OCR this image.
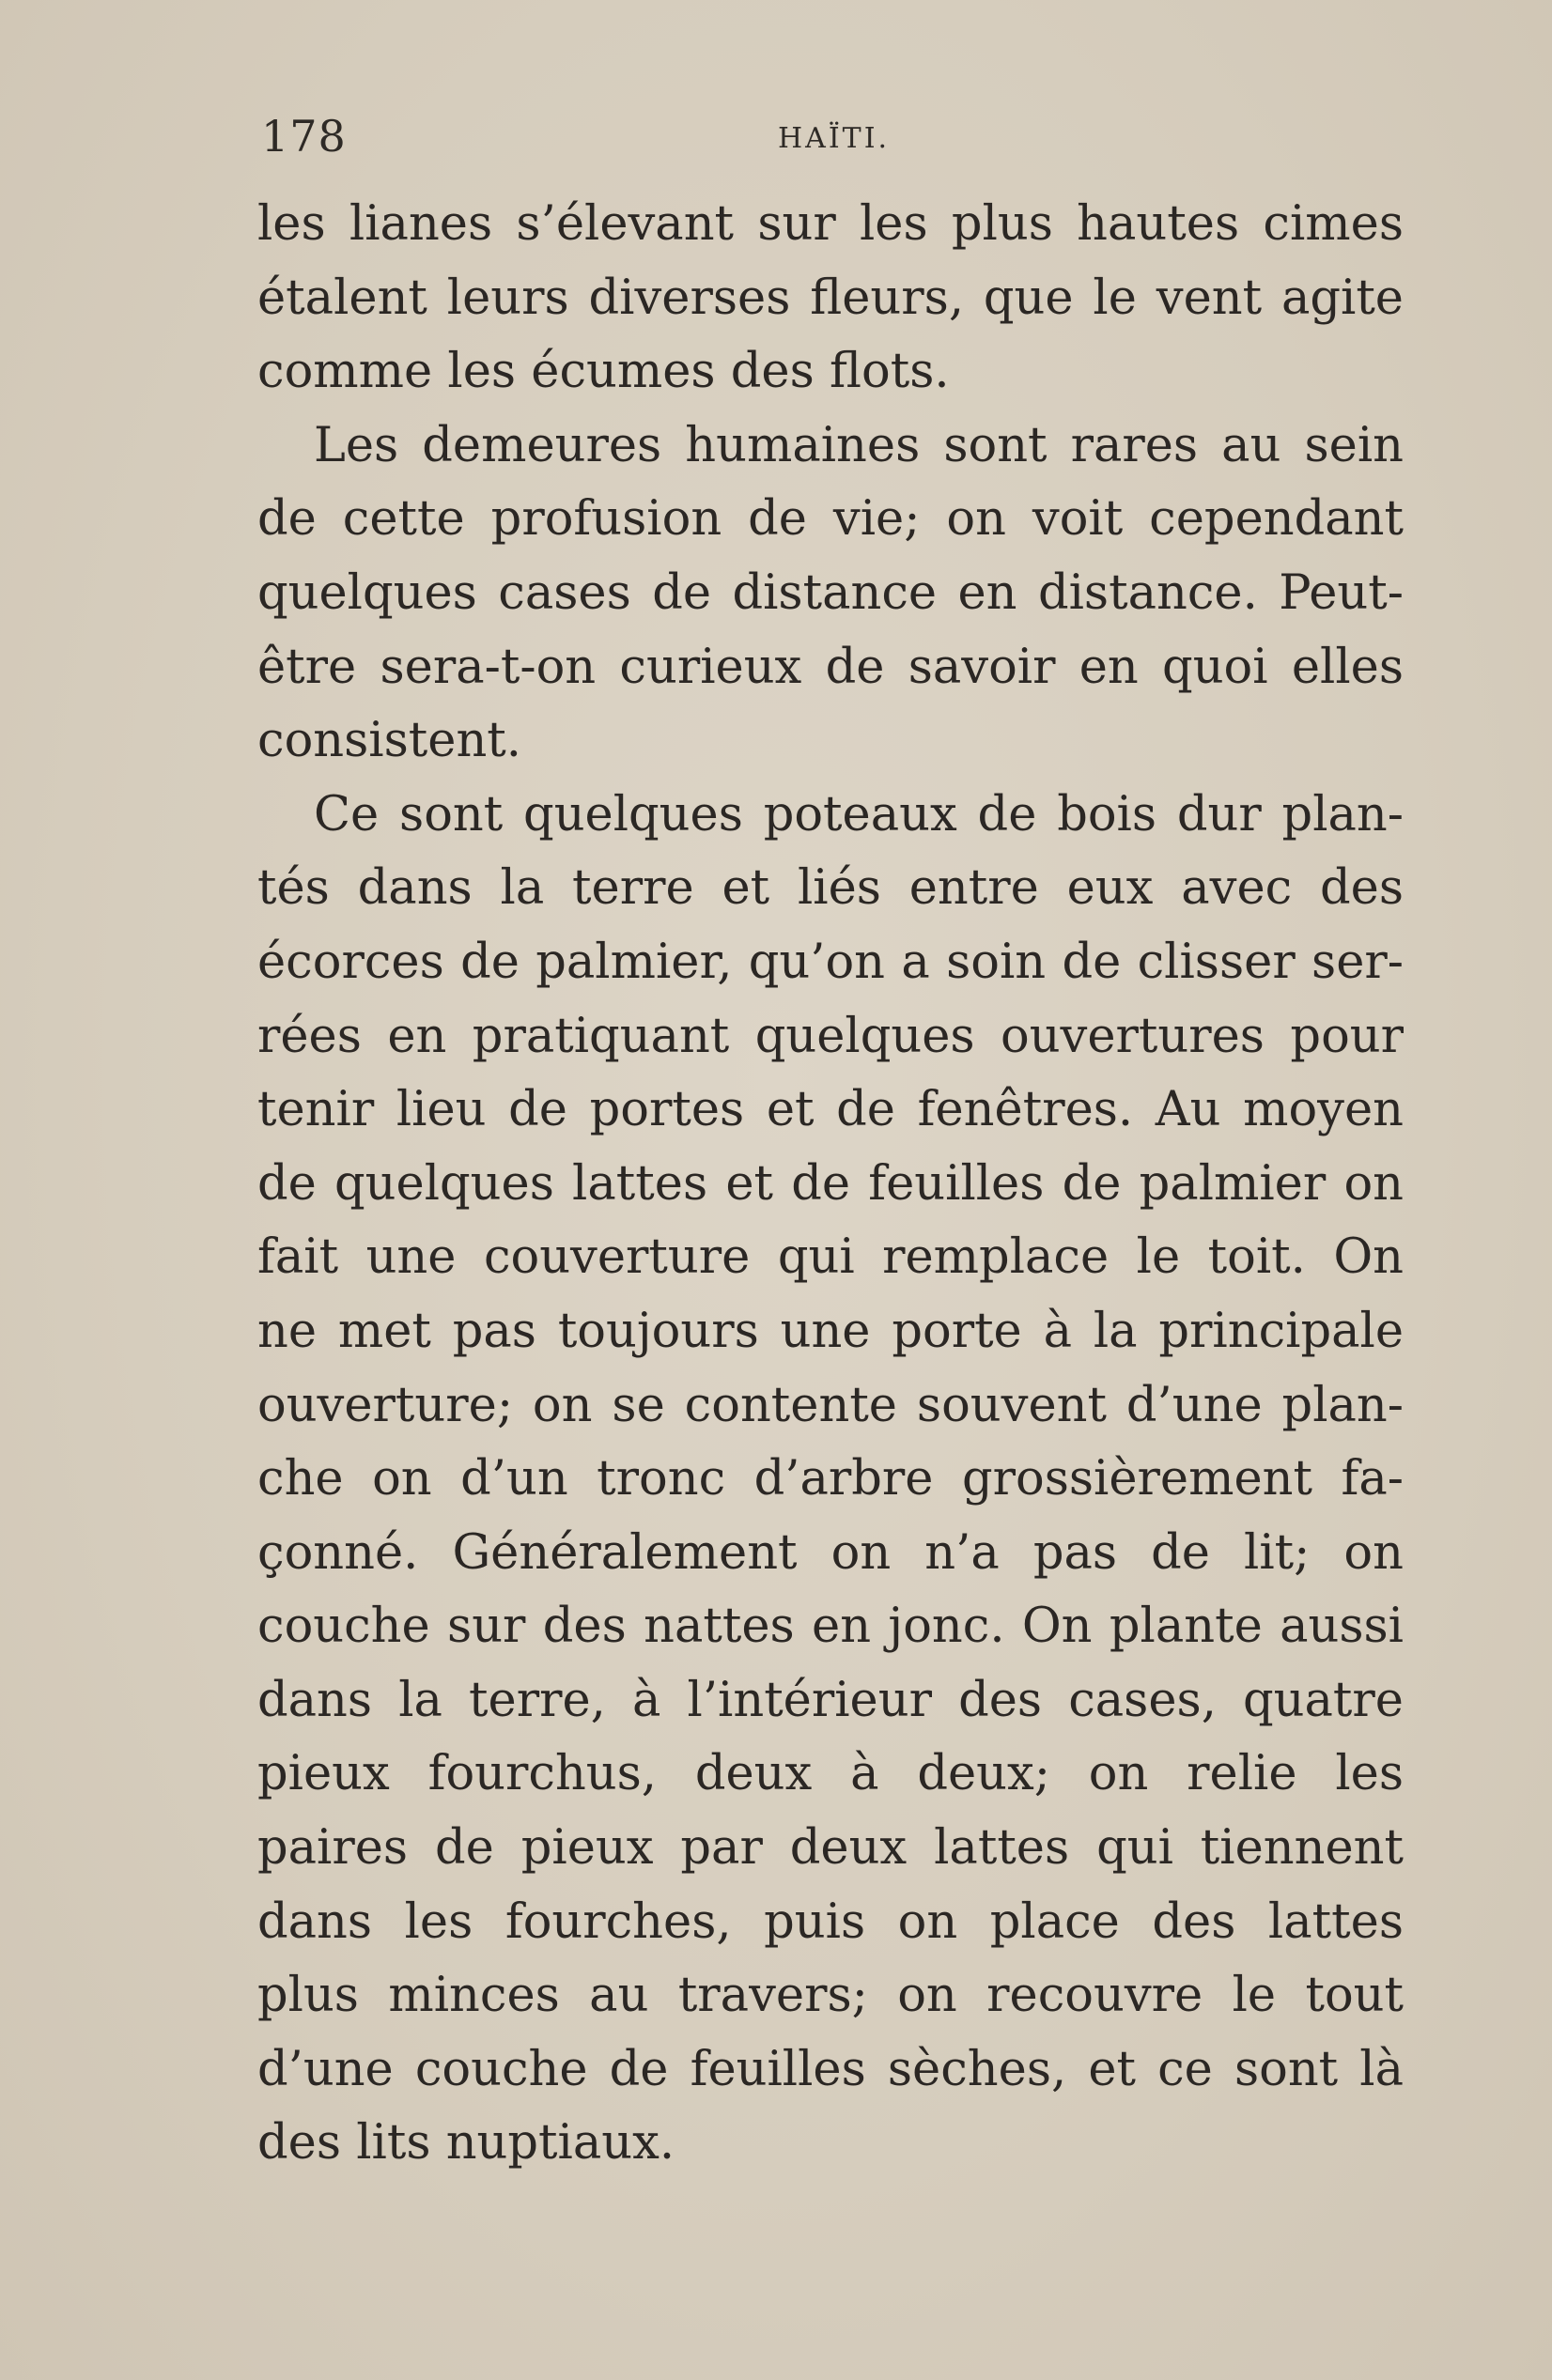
178	HAÏTI.
les lianes s’élevant sur les plus hautes cimes
étalent leurs diverses fleurs, que le vent agite
comme les écumes des flots.
Les demeures humaines sont rares au sein
de cette profusion de vie; on voit cependant
quelques cases de distance en distance. Peut-
être sera-t-on curieux de savoir en quoi elles
consistent.
Ce sont quelques poteaux de bois dur plan-
tés dans la terre et liés entre eux avec des
écorces de palmier, qu’on a soin de clisser ser-
rées en pratiquant quelques ouvertures pour
tenir lieu de portes et de fenêtres. Au moyen
de quelques lattes et de feuilles de palmier on
fait une couverture qui remplace le toit. On
ne met pas toujours une porte à la principale
ouverture; on se contente souvent d’une plan-
che on d’un tronc d’arbre grossièrement fa-
çonné. Généralement on n’a pas de lit; on
couche sur des nattes en jonc. On plante aussi
dans la terre, à l’intérieur des cases, quatre
pieux fourchus, deux à deux; on relie les
paires de pieux par deux lattes qui tiennent
dans les fourches, puis on place des lattes
plus minces au travers; on recouvre le tout
d’une couche de feuilles sèches, et ce sont là
des lits nuptiaux.
